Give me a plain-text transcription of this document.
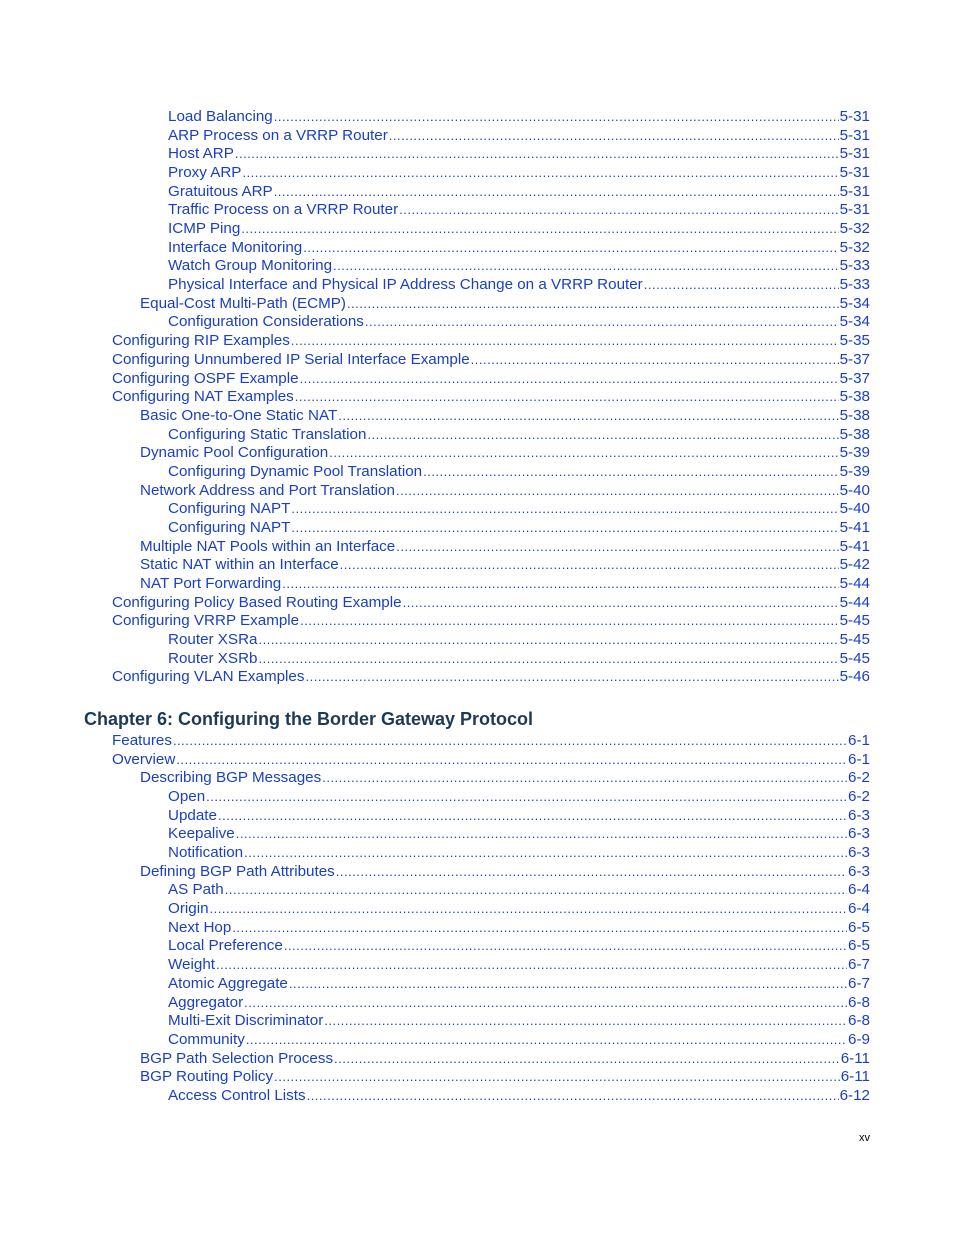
Load Balancing .....	5-31
ARP Process on a VRRP Router .....	5-31
Host ARP .....	5-31
Proxy ARP .....	5-31
Gratuitous ARP .....	5-31
Traffic Process on a VRRP Router .....	5-31
ICMP Ping .....	5-32
Interface Monitoring .....	5-32
Watch Group Monitoring .....	5-33
Physical Interface and Physical IP Address Change on a VRRP Router .....	5-33
Equal-Cost Multi-Path (ECMP) .....	5-34
Configuration Considerations .....	5-34
Configuring RIP Examples .....	5-35
Configuring Unnumbered IP Serial Interface Example .....	5-37
Configuring OSPF Example .....	5-37
Configuring NAT Examples .....	5-38
Basic One-to-One Static NAT .....	5-38
Configuring Static Translation .....	5-38
Dynamic Pool Configuration .....	5-39
Configuring Dynamic Pool Translation .....	5-39
Network Address and Port Translation .....	5-40
Configuring NAPT .....	5-40
Configuring NAPT .....	5-41
Multiple NAT Pools within an Interface .....	5-41
Static NAT within an Interface .....	5-42
NAT Port Forwarding .....	5-44
Configuring Policy Based Routing Example .....	5-44
Configuring VRRP Example .....	5-45
Router XSRa .....	5-45
Router XSRb .....	5-45
Configuring VLAN Examples .....	5-46
Chapter 6: Configuring the Border Gateway Protocol
Features .....	6-1
Overview .....	6-1
Describing BGP Messages .....	6-2
Open .....	6-2
Update .....	6-3
Keepalive .....	6-3
Notification .....	6-3
Defining BGP Path Attributes .....	6-3
AS Path .....	6-4
Origin .....	6-4
Next Hop .....	6-5
Local Preference .....	6-5
Weight .....	6-7
Atomic Aggregate .....	6-7
Aggregator .....	6-8
Multi-Exit Discriminator .....	6-8
Community .....	6-9
BGP Path Selection Process .....	6-11
BGP Routing Policy .....	6-11
Access Control Lists .....	6-12
xv
